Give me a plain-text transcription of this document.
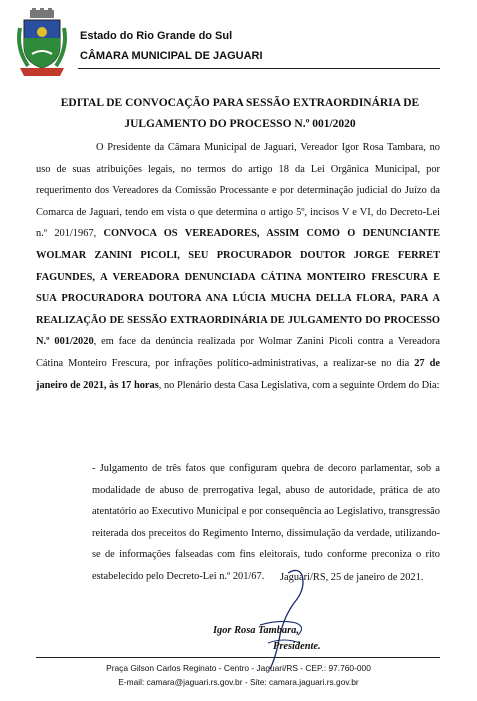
Estado do Rio Grande do Sul
CÂMARA MUNICIPAL DE JAGUARI
EDITAL DE CONVOCAÇÃO PARA SESSÃO EXTRAORDINÁRIA DE
JULGAMENTO DO PROCESSO N.º 001/2020

O Presidente da Câmara Municipal de Jaguari, Vereador Igor Rosa Tambara, no uso de suas atribuições legais, no termos do artigo 18 da Lei Orgânica Municipal, por requerimento dos Vereadores da Comissão Processante e por determinação judicial do Juízo da Comarca de Jaguari, tendo em vista o que determina o artigo 5º, incisos V e VI, do Decreto-Lei n.º 201/1967, CONVOCA OS VEREADORES, ASSIM COMO O DENUNCIANTE WOLMAR ZANINI PICOLI, SEU PROCURADOR DOUTOR JORGE FERRET FAGUNDES, A VEREADORA DENUNCIADA CÁTINA MONTEIRO FRESCURA E SUA PROCURADORA DOUTORA ANA LÚCIA MUCHA DELLA FLORA, PARA A REALIZAÇÃO DE SESSÃO EXTRAORDINÁRIA DE JULGAMENTO DO PROCESSO N.º 001/2020, em face da denúncia realizada por Wolmar Zanini Picoli contra a Vereadora Cátina Monteiro Frescura, por infrações político-administrativas, a realizar-se no dia 27 de janeiro de 2021, às 17 horas, no Plenário desta Casa Legislativa, com a seguinte Ordem do Dia:

- Julgamento de três fatos que configuram quebra de decoro parlamentar, sob a modalidade de abuso de prerrogativa legal, abuso de autoridade, prática de ato atentatório ao Executivo Municipal e por consequência ao Legislativo, transgressão reiterada dos preceitos do Regimento Interno, dissimulação da verdade, utilizando-se de informações falseadas com fins eleitorais, tudo conforme preconiza o rito estabelecido pelo Decreto-Lei n.º 201/67.	Jaguari/RS, 25 de janeiro de 2021.
Igor Rosa Tambara,
Presidente.
Praça Gilson Carlos Reginato - Centro - Jaguari/RS - CEP.: 97.760-000
E-mail: camara@jaguari.rs.gov.br - Site: camara.jaguari.rs.gov.br
